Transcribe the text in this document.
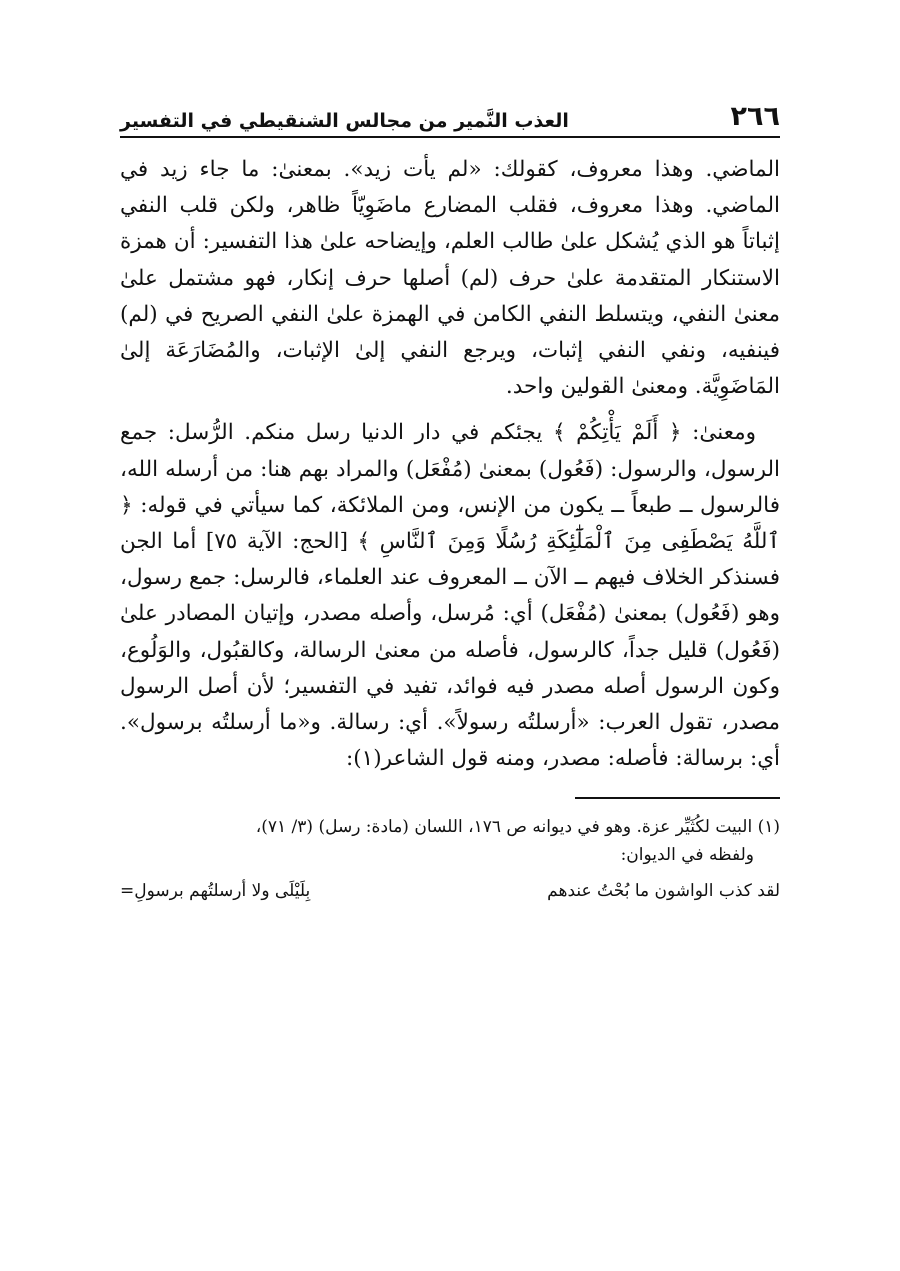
٢٦٦
العذب النَّمير من مجالس الشنقيطي في التفسير

الماضي. وهذا معروف، كقولك: «لم يأت زيد». بمعنىٰ: ما جاء زيد في الماضي. وهذا معروف، فقلب المضارع ماضَوِيّاً ظاهر، ولكن قلب النفي إثباتاً هو الذي يُشكل علىٰ طالب العلم، وإيضاحه علىٰ هذا التفسير: أن همزة الاستنكار المتقدمة علىٰ حرف (لم) أصلها حرف إنكار، فهو مشتمل علىٰ معنىٰ النفي، ويتسلط النفي الكامن في الهمزة علىٰ النفي الصريح في (لم) فينفيه، ونفي النفي إثبات، ويرجع النفي إلىٰ الإثبات، والمُضَارَعَة إلىٰ المَاضَوِيَّة. ومعنىٰ القولين واحد.

ومعنىٰ: ﴿ أَلَمْ يَأْتِكُمْ ﴾ يجئكم في دار الدنيا رسل منكم. الرُّسل: جمع الرسول، والرسول: (فَعُول) بمعنىٰ (مُفْعَل) والمراد بهم هنا: من أرسله الله، فالرسول ــ طبعاً ــ يكون من الإنس، ومن الملائكة، كما سيأتي في قوله: ﴿ ٱللَّهُ يَصْطَفِى مِنَ ٱلْمَلَٰٓئِكَةِ رُسُلًا وَمِنَ ٱلنَّاسِ ﴾ [الحج: الآية ٧٥] أما الجن فسنذكر الخلاف فيهم ــ الآن ــ المعروف عند العلماء، فالرسل: جمع رسول، وهو (فَعُول) بمعنىٰ (مُفْعَل) أي: مُرسل، وأصله مصدر، وإتيان المصادر علىٰ (فَعُول) قليل جداً، كالرسول، فأصله من معنىٰ الرسالة، وكالقبُول، والوَلُوع، وكون الرسول أصله مصدر فيه فوائد، تفيد في التفسير؛ لأن أصل الرسول مصدر، تقول العرب: «أرسلتُه رسولاً». أي: رسالة. و«ما أرسلتُه برسول». أي: برسالة: فأصله: مصدر، ومنه قول الشاعر(١):

(١) البيت لكُثَيِّر عزة. وهو في ديوانه ص ١٧٦، اللسان (مادة: رسل) (٣/ ٧١)،

ولفظه في الديوان:

لقد كذب الواشون ما بُحْتُ عندهم
بِلَيْلَى ولا أرسلتُهم برسولِ=
